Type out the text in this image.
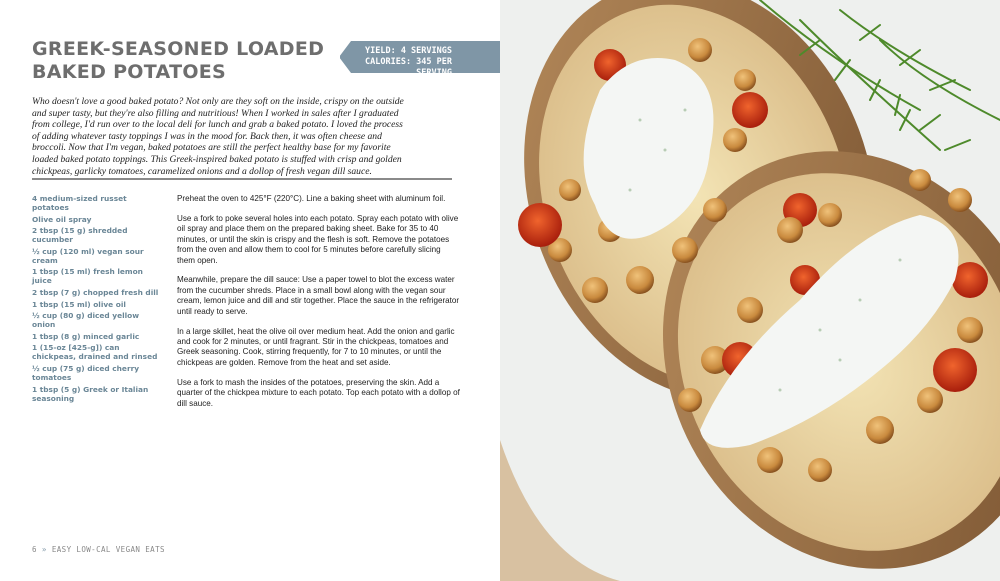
GREEK-SEASONED LOADED
BAKED POTATOES
YIELD: 4 SERVINGS
CALORIES: 345 PER SERVING

Who doesn't love a good baked potato? Not only are they soft on the inside, crispy on the outside and super tasty, but they're also filling and nutritious! When I worked in sales after I graduated from college, I'd run over to the local deli for lunch and grab a baked potato. I loved the process of adding whatever tasty toppings I was in the mood for. Back then, it was often cheese and broccoli. Now that I'm vegan, baked potatoes are still the perfect healthy base for my favorite loaded baked potato toppings. This Greek-inspired baked potato is stuffed with crisp and golden chickpeas, garlicky tomatoes, caramelized onions and a dollop of fresh vegan dill sauce.

4 medium-sized russet potatoes
Olive oil spray
2 tbsp (15 g) shredded cucumber
½ cup (120 ml) vegan sour cream
1 tbsp (15 ml) fresh lemon juice
2 tbsp (7 g) chopped fresh dill
1 tbsp (15 ml) olive oil
½ cup (80 g) diced yellow onion
1 tbsp (8 g) minced garlic
1 (15-oz [425-g]) can chickpeas, drained and rinsed
½ cup (75 g) diced cherry tomatoes
1 tbsp (5 g) Greek or Italian seasoning

Preheat the oven to 425°F (220°C). Line a baking sheet with aluminum foil.

Use a fork to poke several holes into each potato. Spray each potato with olive oil spray and place them on the prepared baking sheet. Bake for 35 to 40 minutes, or until the skin is crispy and the flesh is soft. Remove the potatoes from the oven and allow them to cool for 5 minutes before carefully slicing them open.

Meanwhile, prepare the dill sauce: Use a paper towel to blot the excess water from the cucumber shreds. Place in a small bowl along with the vegan sour cream, lemon juice and dill and stir together. Place the sauce in the refrigerator until ready to serve.

In a large skillet, heat the olive oil over medium heat. Add the onion and garlic and cook for 2 minutes, or until fragrant. Stir in the chickpeas, tomatoes and Greek seasoning. Cook, stirring frequently, for 7 to 10 minutes, or until the chickpeas are golden. Remove from the heat and set aside.

Use a fork to mash the insides of the potatoes, preserving the skin. Add a quarter of the chickpea mixture to each potato. Top each potato with a dollop of dill sauce.

6 » EASY LOW-CAL VEGAN EATS
